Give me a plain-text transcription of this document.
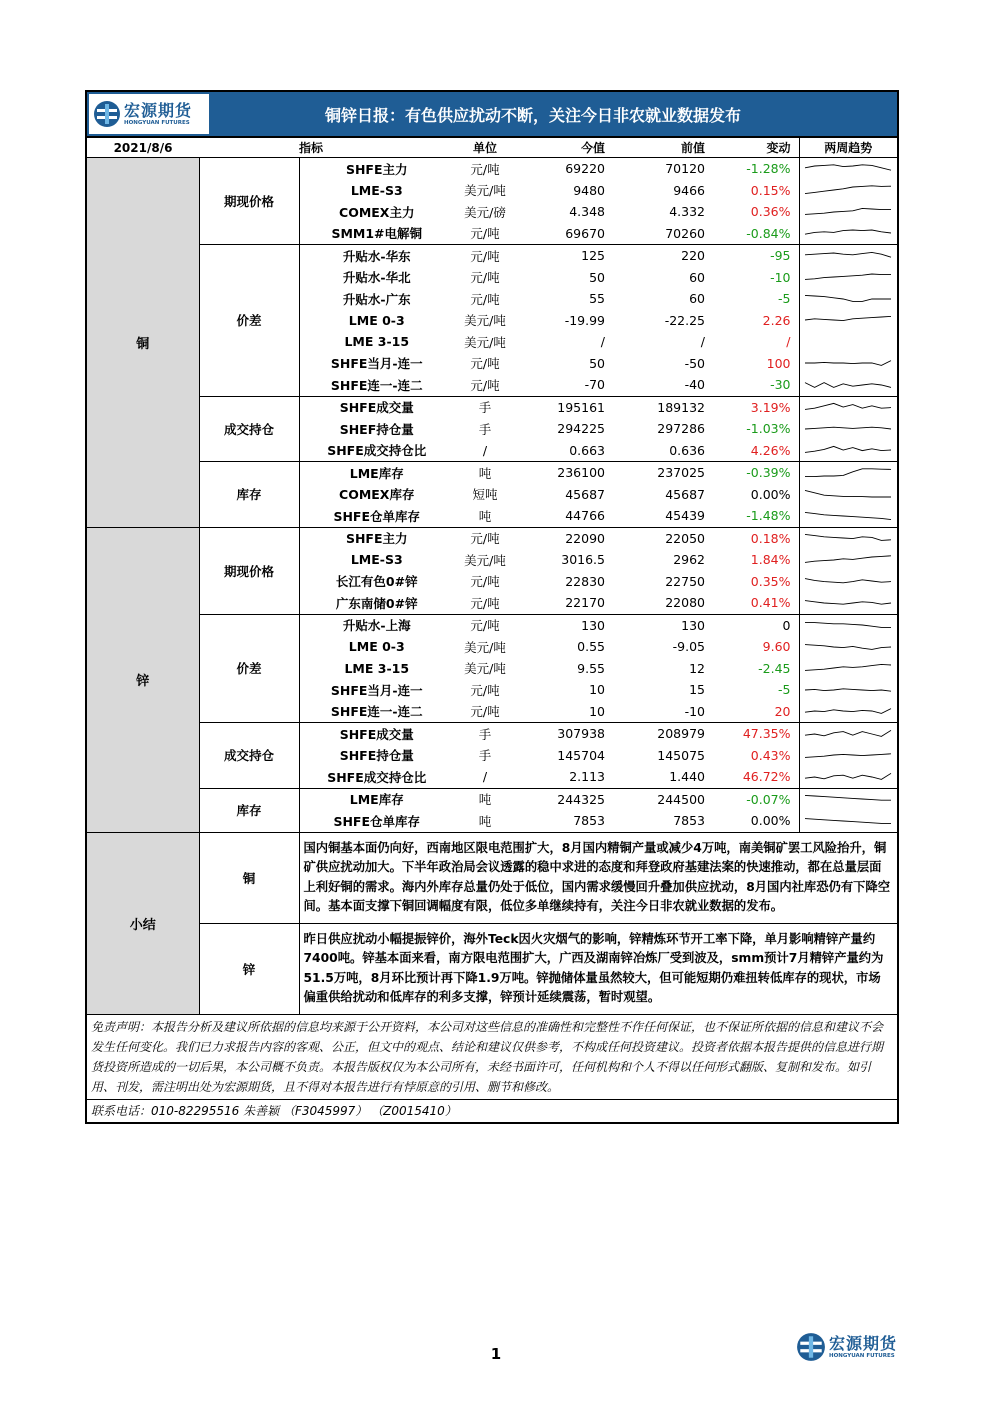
宏源期货
HONGYUAN FUTURES	铜锌日报：有色供应扰动不断，关注今日非农就业数据发布
2021/8/6		指标	单位	今值	前值	变动	两周趋势
铜	期现价格	SHFE主力	元/吨	69220	70120	-1.28%	

		LME-S3	美元/吨	9480	9466	0.15%	

		COMEX主力	美元/磅	4.348	4.332	0.36%	

		SMM1#电解铜	元/吨	69670	70260	-0.84%	

	价差	升贴水-华东	元/吨	125	220	-95	

		升贴水-华北	元/吨	50	60	-10	

		升贴水-广东	元/吨	55	60	-5	

		LME 0-3	美元/吨	-19.99	-22.25	2.26	

		LME 3-15	美元/吨	/	/	/	

		SHFE当月-连一	元/吨	50	-50	100	

		SHFE连一-连二	元/吨	-70	-40	-30	

	成交持仓	SHFE成交量	手	195161	189132	3.19%	

		SHEF持仓量	手	294225	297286	-1.03%	

		SHFE成交持仓比	/	0.663	0.636	4.26%	

	库存	LME库存	吨	236100	237025	-0.39%	

		COMEX库存	短吨	45687	45687	0.00%	

		SHFE仓单库存	吨	44766	45439	-1.48%	

锌	期现价格	SHFE主力	元/吨	22090	22050	0.18%	

		LME-S3	美元/吨	3016.5	2962	1.84%	

		长江有色0#锌	元/吨	22830	22750	0.35%	

		广东南储0#锌	元/吨	22170	22080	0.41%	

	价差	升贴水-上海	元/吨	130	130	0	

		LME 0-3	美元/吨	0.55	-9.05	9.60	

		LME 3-15	美元/吨	9.55	12	-2.45	

		SHFE当月-连一	元/吨	10	15	-5	

		SHFE连一-连二	元/吨	10	-10	20	

	成交持仓	SHFE成交量	手	307938	208979	47.35%	

		SHFE持仓量	手	145704	145075	0.43%	

		SHFE成交持仓比	/	2.113	1.440	46.72%	

	库存	LME库存	吨	244325	244500	-0.07%	

		SHFE仓单库存	吨	7853	7853	0.00%	

小结	铜	国内铜基本面仍向好，西南地区限电范围扩大，8月国内精铜产量或减少4万吨，南美铜矿罢工风险抬升，铜矿供应扰动加大。下半年政治局会议透露的稳中求进的态度和拜登政府基建法案的快速推动，都在总量层面上利好铜的需求。海内外库存总量仍处于低位，国内需求缓慢回升叠加供应扰动，8月国内社库恐仍有下降空间。基本面支撑下铜回调幅度有限，低位多单继续持有，关注今日非农就业数据的发布。					
	锌	昨日供应扰动小幅提振锌价，海外Teck因火灾烟气的影响，锌精炼环节开工率下降，单月影响精锌产量约7400吨。锌基本面来看，南方限电范围扩大，广西及湖南锌冶炼厂受到波及，smm预计7月精锌产量约为51.5万吨，8月环比预计再下降1.9万吨。锌抛储体量虽然较大，但可能短期仍难扭转低库存的现状，市场偏重供给扰动和低库存的利多支撑，锌预计延续震荡，暂时观望。					
免责声明：本报告分析及建议所依据的信息均来源于公开资料，本公司对这些信息的准确性和完整性不作任何保证，也不保证所依据的信息和建议不会发生任何变化。我们已力求报告内容的客观、公正，但文中的观点、结论和建议仅供参考，不构成任何投资建议。投资者依据本报告提供的信息进行期货投资所造成的一切后果，本公司概不负责。本报告版权仅为本公司所有，未经书面许可，任何机构和个人不得以任何形式翻版、复制和发布。如引用、刊发，需注明出处为宏源期货，且不得对本报告进行有悖原意的引用、删节和修改。
联系电话：010-82295516 朱善颖 （F3045997） （Z0015410）
1
宏源期货
HONGYUAN FUTURES
